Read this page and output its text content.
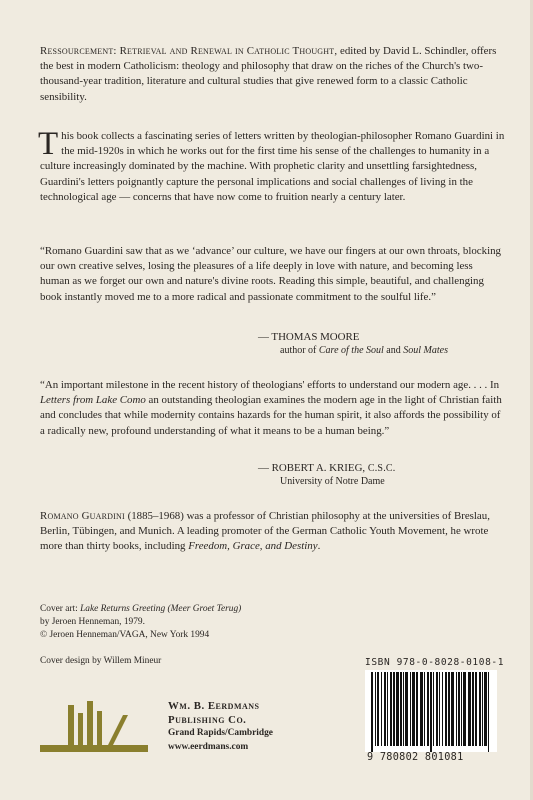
Ressourcement: Retrieval and Renewal in Catholic Thought, edited by David L. Schindler, offers the best in modern Catholicism: theology and philosophy that draw on the riches of the Church's two-thousand-year tradition, literature and cultural studies that give renewed form to a classic Catholic sensibility.
This book collects a fascinating series of letters written by theologian-philosopher Romano Guardini in the mid-1920s in which he works out for the first time his sense of the challenges to humanity in a culture increasingly dominated by the machine. With prophetic clarity and unsettling farsightedness, Guardini's letters poignantly capture the personal implications and social challenges of living in the technological age — concerns that have now come to fruition nearly a century later.
“Romano Guardini saw that as we ‘advance’ our culture, we have our fingers at our own throats, blocking our own creative selves, losing the pleasures of a life deeply in love with nature, and becoming less human as we forget our own and nature's divine roots. Reading this simple, beautiful, and challenging book instantly moved me to a more radical and passionate commitment to the soulful life.”
— THOMAS MOORE
author of Care of the Soul and Soul Mates
“An important milestone in the recent history of theologians' efforts to understand our modern age. . . . In Letters from Lake Como an outstanding theologian examines the modern age in the light of Christian faith and concludes that while modernity contains hazards for the human spirit, it also affords the possibility of a radically new, profound understanding of what it means to be a human being.”
— ROBERT A. KRIEG, C.S.C.
University of Notre Dame
Romano Guardini (1885–1968) was a professor of Christian philosophy at the universities of Breslau, Berlin, Tübingen, and Munich. A leading promoter of the German Catholic Youth Movement, he wrote more than thirty books, including Freedom, Grace, and Destiny.
Cover art: Lake Returns Greeting (Meer Groet Terug)
by Jeroen Henneman, 1979.
© Jeroen Henneman/VAGA, New York 1994
Cover design by Willem Mineur	ISBN 978-0-8028-0108-1
9 780802 801081
Wm. B. Eerdmans
Publishing Co.
Grand Rapids/Cambridge
www.eerdmans.com
